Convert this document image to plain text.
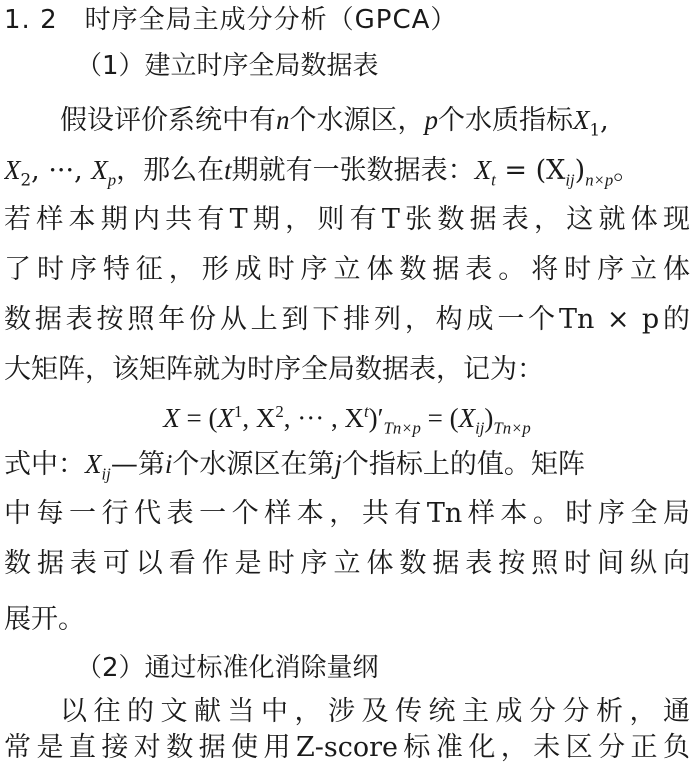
1. 2　时序全局主成分分析（GPCA）
（1）建立时序全局数据表
假设评价系统中有n个水源区，p个水质指标$X_1$,
$X_2$, ···, $X_p$，那么在t期就有一张数据表：$X_t = (X_{ij})_{n\times p}$。
若样本期内共有T期，则有T张数据表，这就体现
了时序特征，形成时序立体数据表。将时序立体
数据表按照年份从上到下排列，构成一个Tn × p的
大矩阵，该矩阵就为时序全局数据表，记为：
$X = (X^1$, $X^2$, ··· , $X^t)'_{Tn\times p} = (X_{ij})_{Tn\times p}$
式中：$X_{ij}—$第i个水源区在第j个指标上的值。矩阵
中每一行代表一个样本，共有Tn样本。时序全局
数据表可以看作是时序立体数据表按照时间纵向
展开。
（2）通过标准化消除量纲
以往的文献当中，涉及传统主成分分析，通
常是直接对数据使用Z-score标准化，未区分正负
